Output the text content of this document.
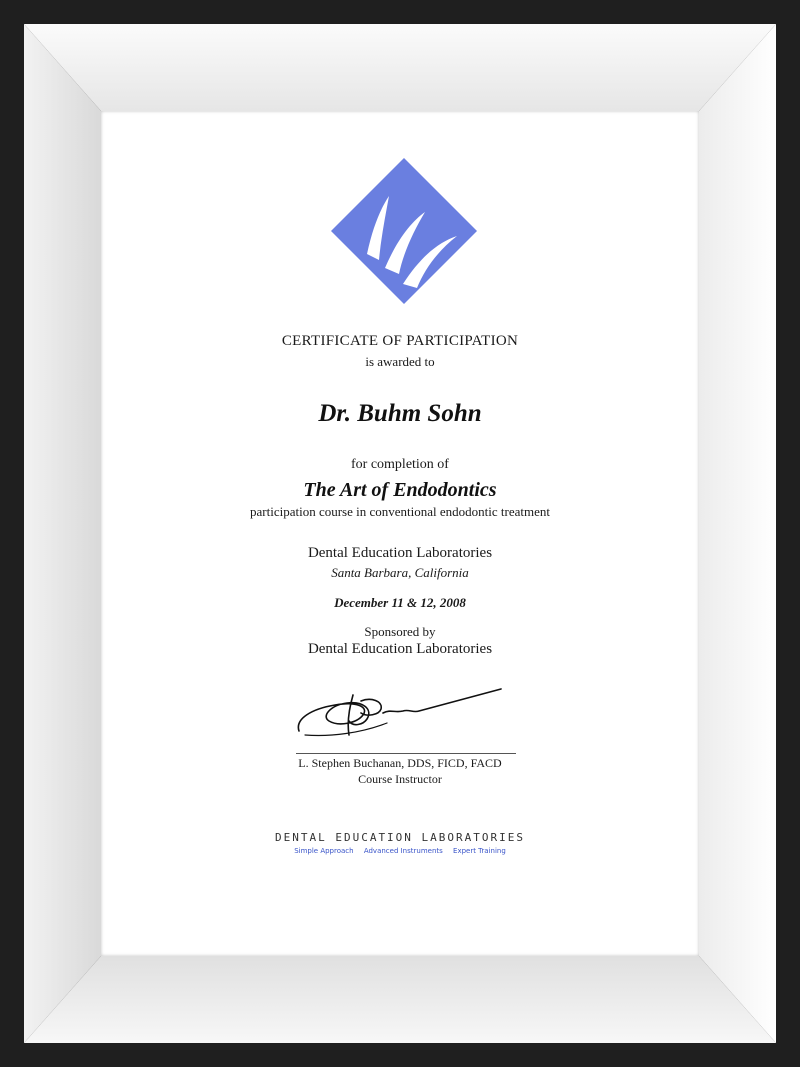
CERTIFICATE OF PARTICIPATION
is awarded to
Dr. Buhm Sohn
for completion of
The Art of Endodontics
participation course in conventional endodontic treatment
Dental Education Laboratories
Santa Barbara, California
December 11 & 12, 2008
Sponsored by
Dental Education Laboratories
L. Stephen Buchanan, DDS, FICD, FACD
Course Instructor
DENTAL EDUCATION LABORATORIES
Simple Approach Advanced Instruments Expert Training
